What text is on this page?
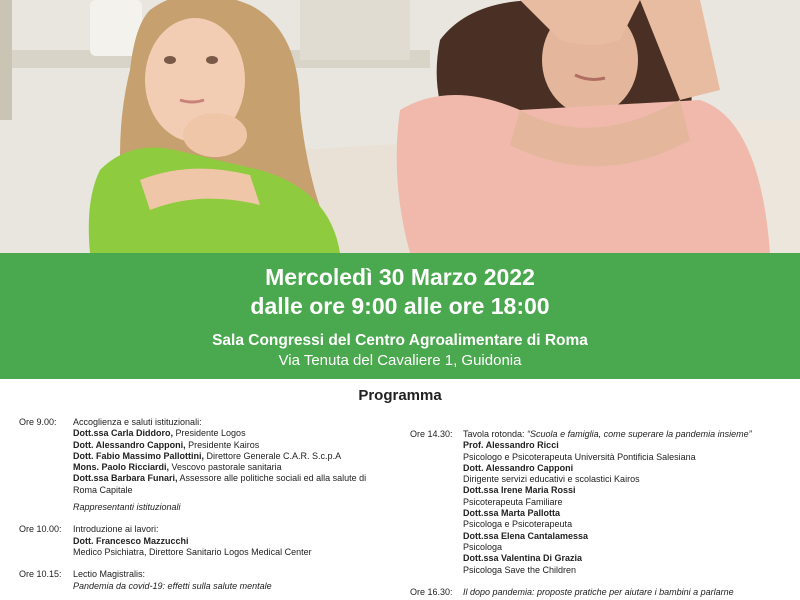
Mercoledì 30 Marzo 2022
dalle ore 9:00 alle ore 18:00
Sala Congressi del Centro Agroalimentare di Roma
Via Tenuta del Cavaliere 1, Guidonia
Programma
Ore 9.00:	Accoglienza e saluti istituzionali:
Dott.ssa Carla Diddoro, Presidente Logos
Dott. Alessandro Capponi, Presidente Kairos
Dott. Fabio Massimo Pallottini, Direttore Generale C.A.R. S.c.p.A
Mons. Paolo Ricciardi, Vescovo pastorale sanitaria
Dott.ssa Barbara Funari, Assessore alle politiche sociali ed alla salute di
Roma Capitale
Rappresentanti istituzionali
Ore 10.00:	Introduzione ai lavori:
Dott. Francesco Mazzucchi
Medico Psichiatra, Direttore Sanitario Logos Medical Center
Ore 10.15:	Lectio Magistralis:
Pandemia da covid-19: effetti sulla salute mentale
Ore 14.30:	Tavola rotonda: “Scuola e famiglia, come superare la pandemia insieme”
Prof. Alessandro Ricci
Psicologo e Psicoterapeuta Università Pontificia Salesiana
Dott. Alessandro Capponi
Dirigente servizi educativi e scolastici Kairos
Dott.ssa Irene Maria Rossi
Psicoterapeuta Familiare
Dott.ssa Marta Pallotta
Psicologa e Psicoterapeuta
Dott.ssa Elena Cantalamessa
Psicologa
Dott.ssa Valentina Di Grazia
Psicologa Save the Children
Ore 16.30:	Il dopo pandemia: proposte pratiche per aiutare i bambini a parlarne
